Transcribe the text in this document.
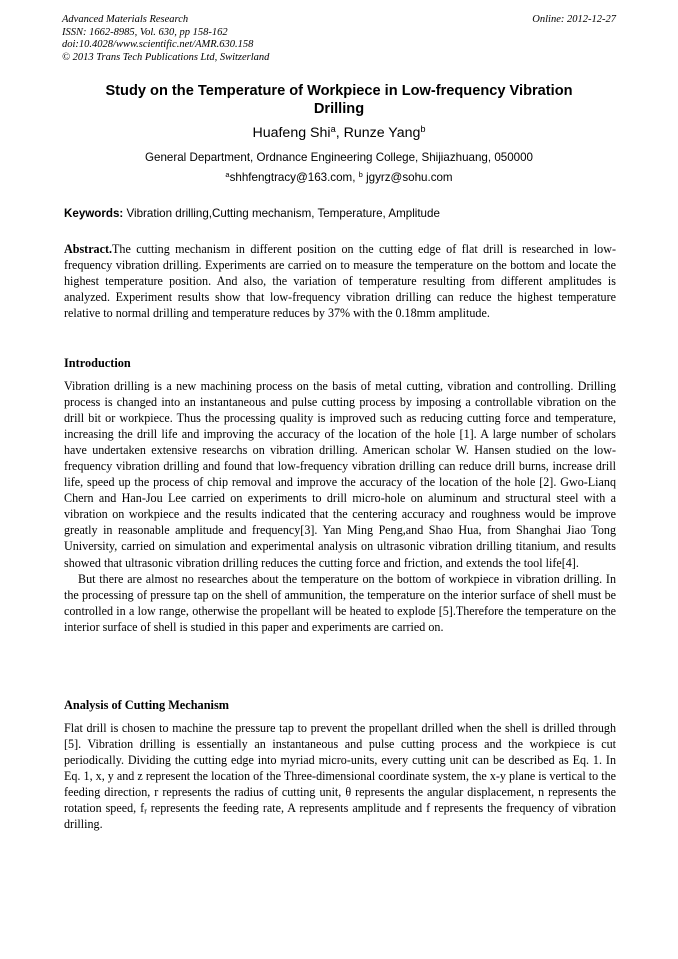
Advanced Materials Research
ISSN: 1662-8985, Vol. 630, pp 158-162
doi:10.4028/www.scientific.net/AMR.630.158
© 2013 Trans Tech Publications Ltd, Switzerland
Online: 2012-12-27
Study on the Temperature of Workpiece in Low-frequency Vibration Drilling
Huafeng Shi$^a$, Runze Yang$^b$
General Department, Ordnance Engineering College, Shijiazhuang, 050000
$^a$shhfengtracy@163.com, $^b$ jgyrz@sohu.com
Keywords: Vibration drilling,Cutting mechanism, Temperature, Amplitude

Abstract.The cutting mechanism in different position on the cutting edge of flat drill is researched in low-frequency vibration drilling. Experiments are carried on to measure the temperature on the bottom and locate the highest temperature position. And also, the variation of temperature resulting from different amplitudes is analyzed. Experiment results show that low-frequency vibration drilling can reduce the highest temperature relative to normal drilling and temperature reduces by 37% with the 0.18mm amplitude.

Introduction

Vibration drilling is a new machining process on the basis of metal cutting, vibration and controlling. Drilling process is changed into an instantaneous and pulse cutting process by imposing a controllable vibration on the drill bit or workpiece. Thus the processing quality is improved such as reducing cutting force and temperature, increasing the drill life and improving the accuracy of the location of the hole [1]. A large number of scholars have undertaken extensive researchs on vibration drilling. American scholar W. Hansen studied on the low-frequency vibration drilling and found that low-frequency vibration drilling can reduce drill burns, increase drill life, speed up the process of chip removal and improve the accuracy of the location of the hole [2]. Gwo-Lianq Chern and Han-Jou Lee carried on experiments to drill micro-hole on aluminum and structural steel with a vibration on workpiece and the results indicated that the centering accuracy and roughness would be improve greatly in reasonable amplitude and frequency[3]. Yan Ming Peng,and Shao Hua, from Shanghai Jiao Tong University, carried on simulation and experimental analysis on ultrasonic vibration drilling titanium, and results showed that ultrasonic vibration drilling reduces the cutting force and friction, and extends the tool life[4].

But there are almost no researches about the temperature on the bottom of workpiece in vibration drilling. In the processing of pressure tap on the shell of ammunition, the temperature on the interior surface of shell must be controlled in a low range, otherwise the propellant will be heated to explode [5].Therefore the temperature on the interior surface of shell is studied in this paper and experiments are carried on.

Analysis of Cutting Mechanism

Flat drill is chosen to machine the pressure tap to prevent the propellant drilled when the shell is drilled through [5]. Vibration drilling is essentially an instantaneous and pulse cutting process and the workpiece is cut periodically. Dividing the cutting edge into myriad micro-units, every cutting unit can be described as Eq. 1. In Eq. 1, x, y and z represent the location of the Three-dimensional coordinate system, the x-y plane is vertical to the feeding direction, r represents the radius of cutting unit, θ represents the angular displacement, n represents the rotation speed, $f_r$ represents the feeding rate, A represents amplitude and f represents the frequency of vibration drilling.
